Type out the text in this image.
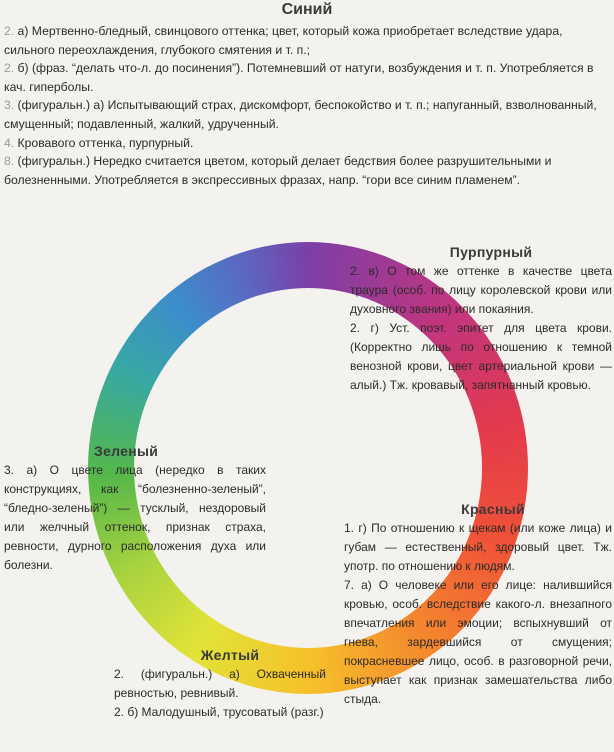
Синий

2. а) Мертвенно-бледный, свинцового оттенка; цвет, который кожа приобретает вследствие удара, сильного переохлаждения, глубокого смятения и т. п.;

2. б) (фраз. “делать что-л. до посинения”). Потемневший от натуги, возбуждения и т. п. Употребляется в кач. гиперболы.

3. (фигуральн.) а) Испытывающий страх, дискомфорт, беспокойство и т. п.; напуганный, взволнованный, смущенный; подавленный, жалкий, удрученный.

4. Кровавого оттенка, пурпурный.

8. (фигуральн.) Нередко считается цветом, который делает бедствия более разрушительными и болезненными. Употребляется в экспрессивных фразах, напр. “гори все синим пламенем”.

Пурпурный

2. в) О том же оттенке в качестве цвета траура (особ. по лицу королевской крови или духовного звания) или покаяния.

2. г) Уст. поэт. эпитет для цвета крови. (Корректно лишь по отношению к темной венозной крови, цвет артериальной крови — алый.) Тж. кровавый, запятнанный кровью.

Зеленый

3. а) О цвете лица (нередко в таких конструкциях, как “болезненно-зеленый”, “бледно-зеленый”) — тусклый, нездоровый или желчный оттенок, признак страха, ревности, дурного расположения духа или болезни.

Красный

1. г) По отношению к щекам (или коже лица) и губам — естественный, здоровый цвет. Тж. употр. по отношению к людям.

7. а) О человеке или его лице: налившийся кровью, особ. вследствие какого-л. внезапного впечатления или эмоции; вспыхнувший от гнева, зардевшийся от смущения; покрасневшее лицо, особ. в разговорной речи, выступает как признак замешательства либо стыда.

Желтый

2. (фигуральн.) а) Охваченный ревностью, ревнивый.

2. б) Малодушный, трусоватый (разг.)
